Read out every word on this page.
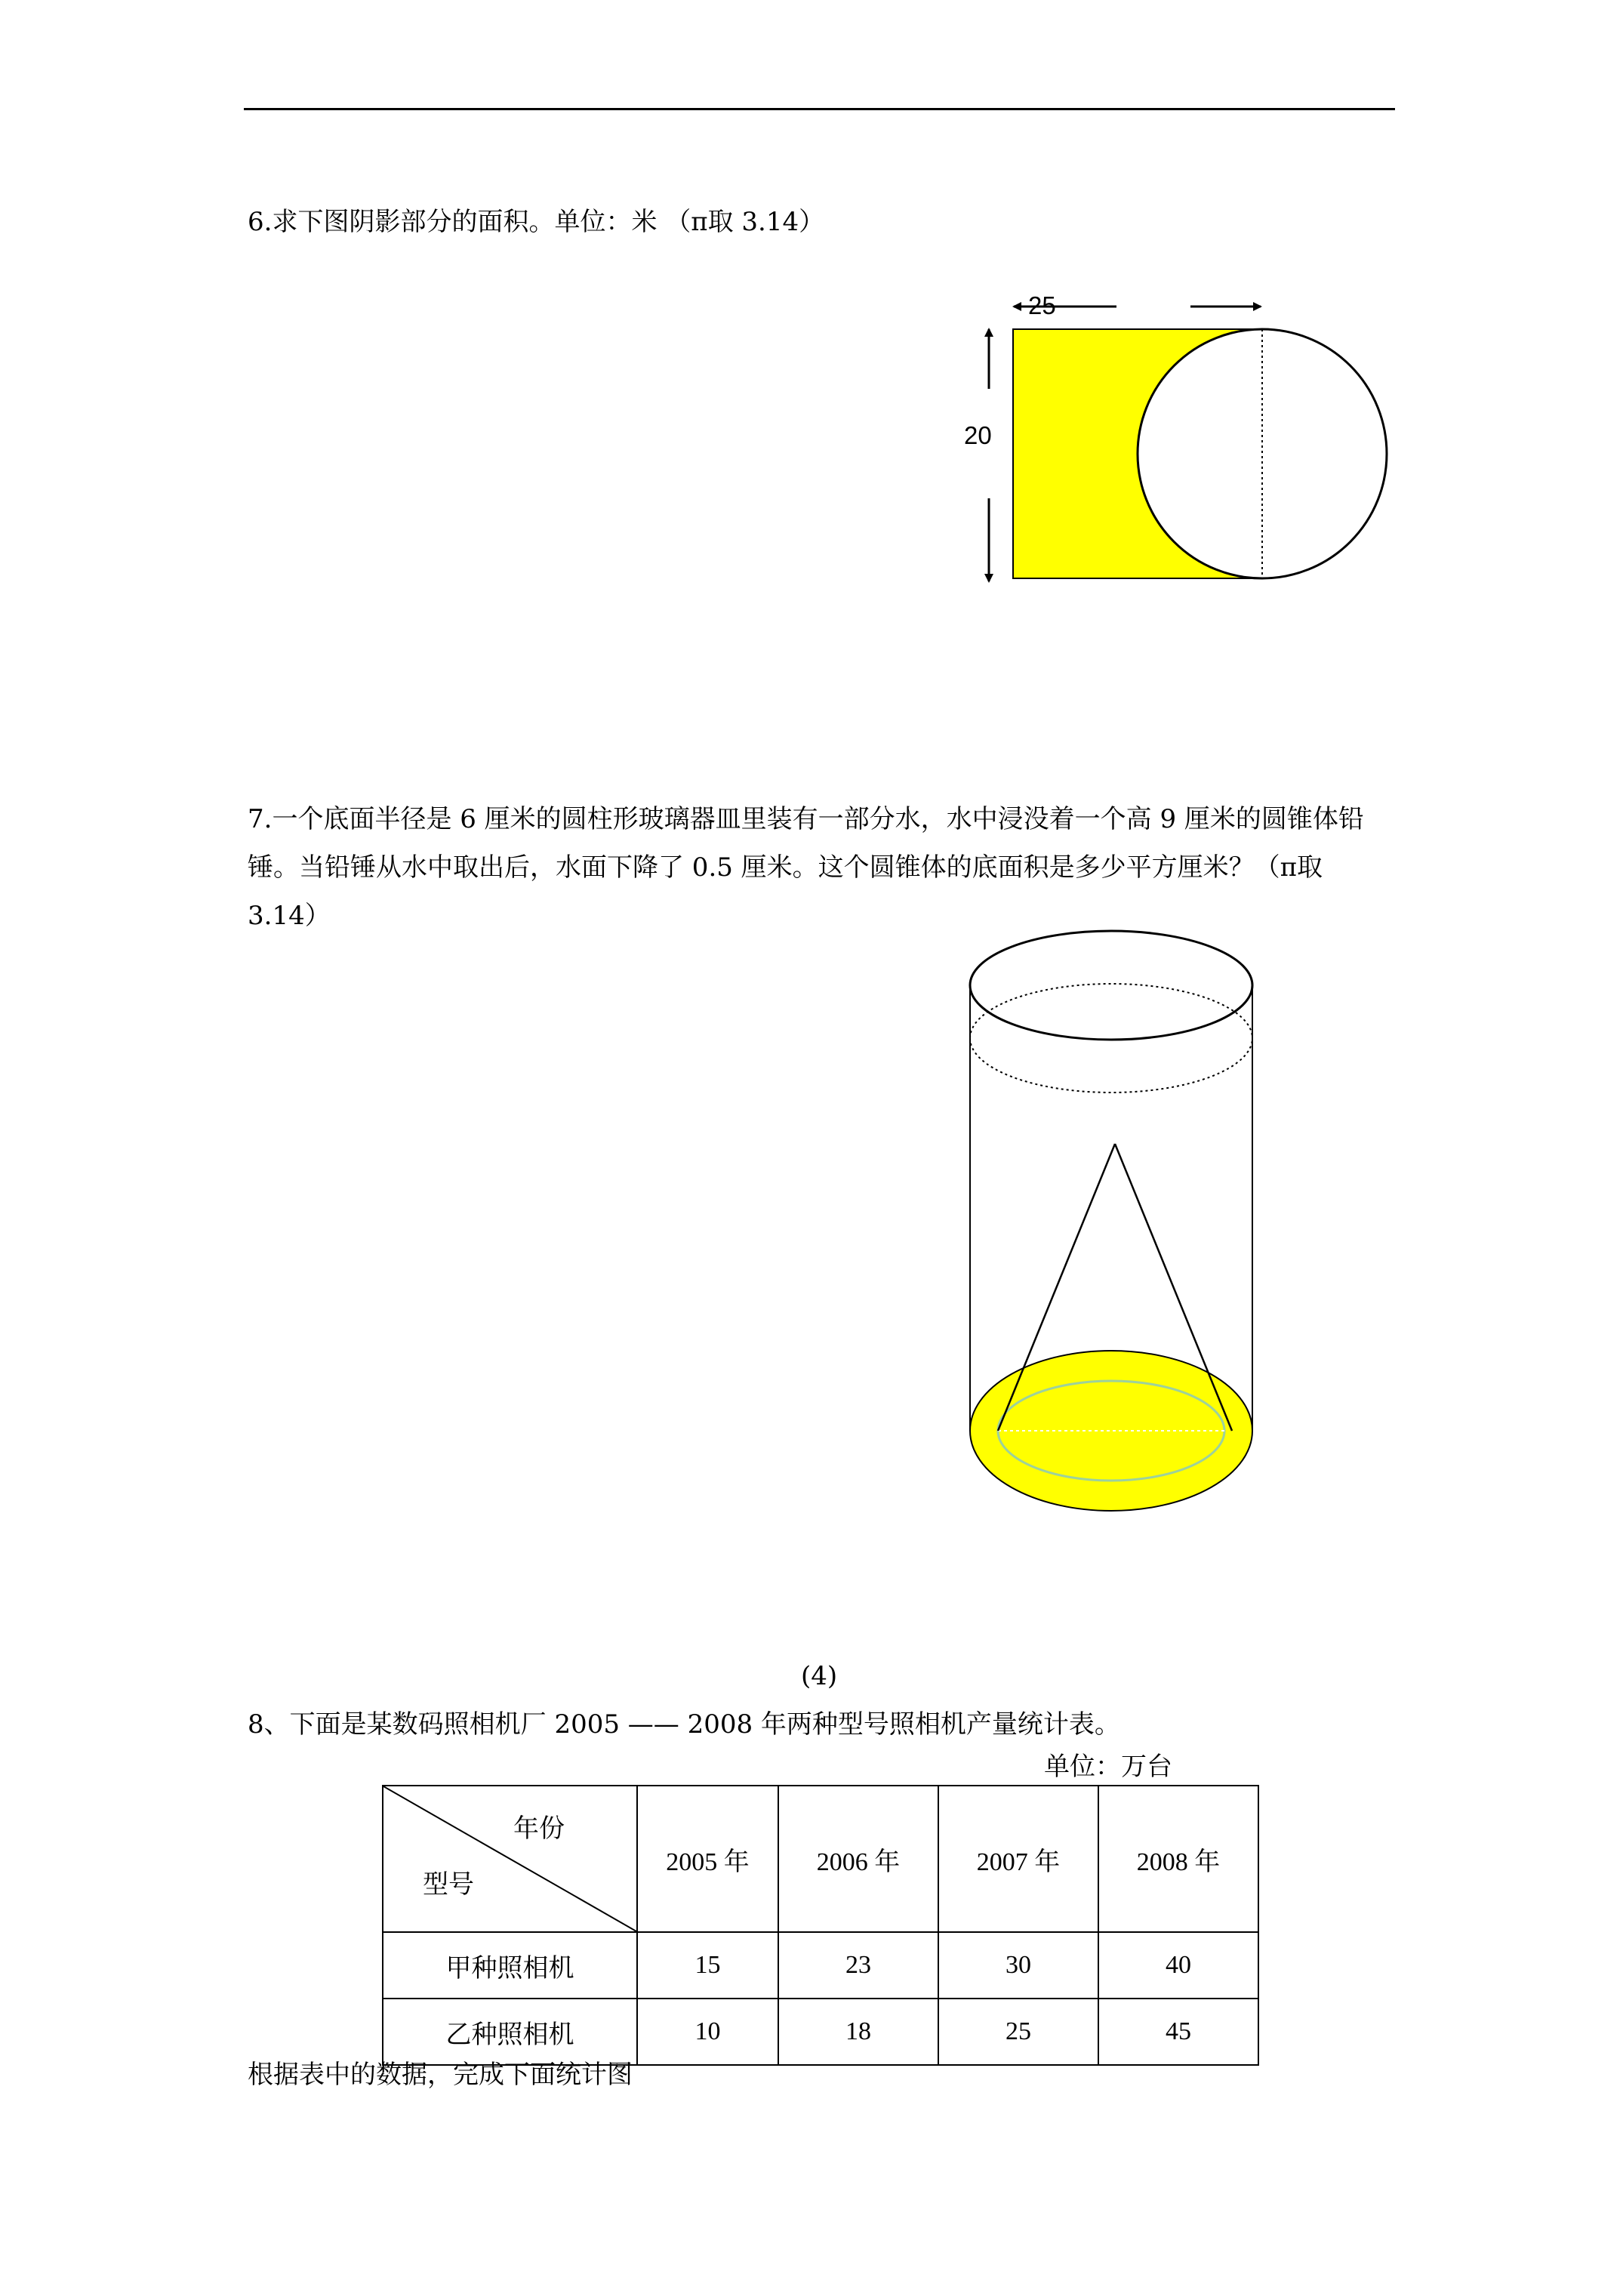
6.求下图阴影部分的面积。单位：米 （π取 3.14）
25
20
7.一个底面半径是 6 厘米的圆柱形玻璃器皿里装有一部分水，水中浸没着一个高 9 厘米的圆锥体铅锤。当铅锤从水中取出后，水面下降了 0.5 厘米。这个圆锥体的底面积是多少平方厘米？（π取 3.14）
(4)
8、下面是某数码照相机厂 2005 —— 2008 年两种型号照相机产量统计表。
单位：万台
年份
型号	2005 年	2006 年	2007 年	2008 年
甲种照相机	15	23	30	40
乙种照相机	10	18	25	45
根据表中的数据，完成下面统计图
